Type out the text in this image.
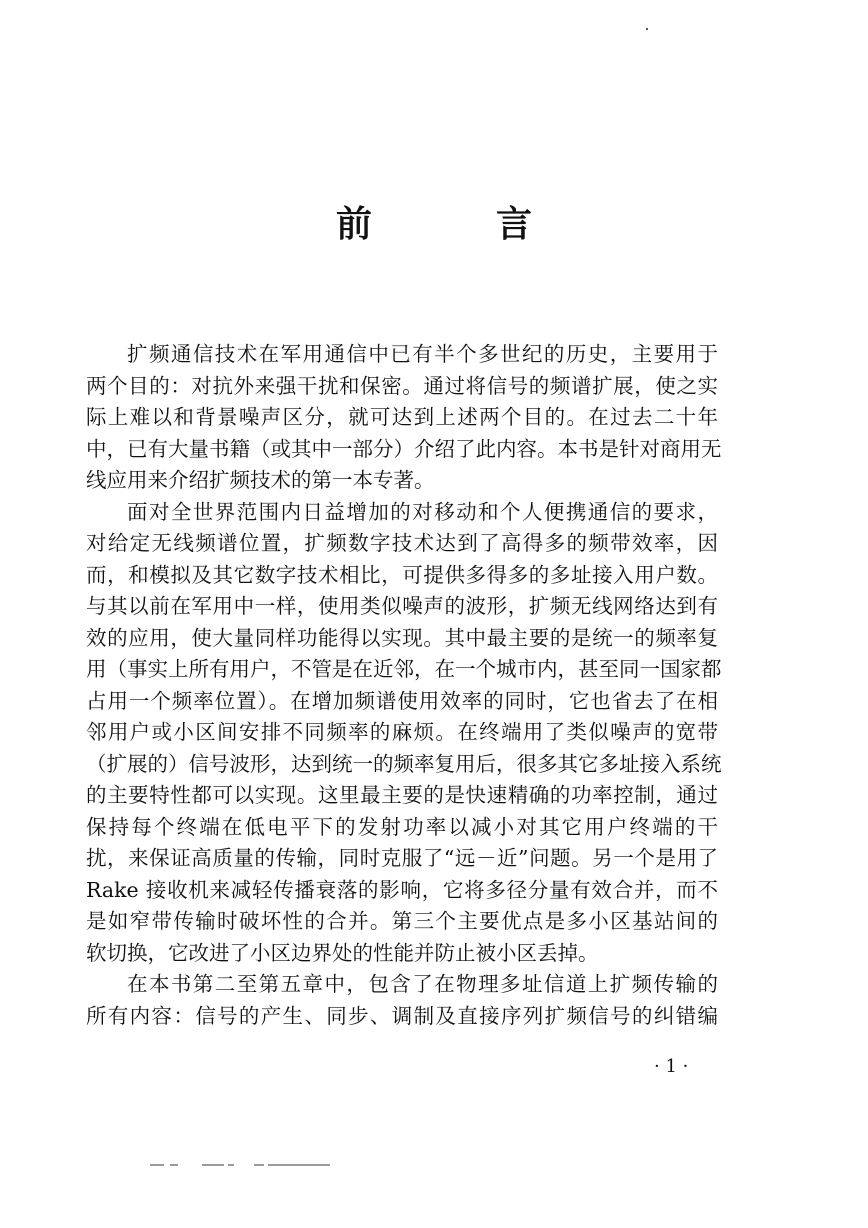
前　言
扩频通信技术在军用通信中已有半个多世纪的历史，主要用于
两个目的：对抗外来强干扰和保密。通过将信号的频谱扩展，使之实
际上难以和背景噪声区分，就可达到上述两个目的。在过去二十年
中，已有大量书籍（或其中一部分）介绍了此内容。本书是针对商用无
线应用来介绍扩频技术的第一本专著。
面对全世界范围内日益增加的对移动和个人便携通信的要求，
对给定无线频谱位置，扩频数字技术达到了高得多的频带效率，因
而，和模拟及其它数字技术相比，可提供多得多的多址接入用户数。
与其以前在军用中一样，使用类似噪声的波形，扩频无线网络达到有
效的应用，使大量同样功能得以实现。其中最主要的是统一的频率复
用（事实上所有用户，不管是在近邻，在一个城市内，甚至同一国家都
占用一个频率位置）。在增加频谱使用效率的同时，它也省去了在相
邻用户或小区间安排不同频率的麻烦。在终端用了类似噪声的宽带
（扩展的）信号波形，达到统一的频率复用后，很多其它多址接入系统
的主要特性都可以实现。这里最主要的是快速精确的功率控制，通过
保持每个终端在低电平下的发射功率以减小对其它用户终端的干
扰，来保证高质量的传输，同时克服了“远－近”问题。另一个是用了
Rake 接收机来减轻传播衰落的影响，它将多径分量有效合并，而不
是如窄带传输时破坏性的合并。第三个主要优点是多小区基站间的
软切换，它改进了小区边界处的性能并防止被小区丢掉。
在本书第二至第五章中，包含了在物理多址信道上扩频传输的
所有内容：信号的产生、同步、调制及直接序列扩频信号的纠错编
· 1 ·
